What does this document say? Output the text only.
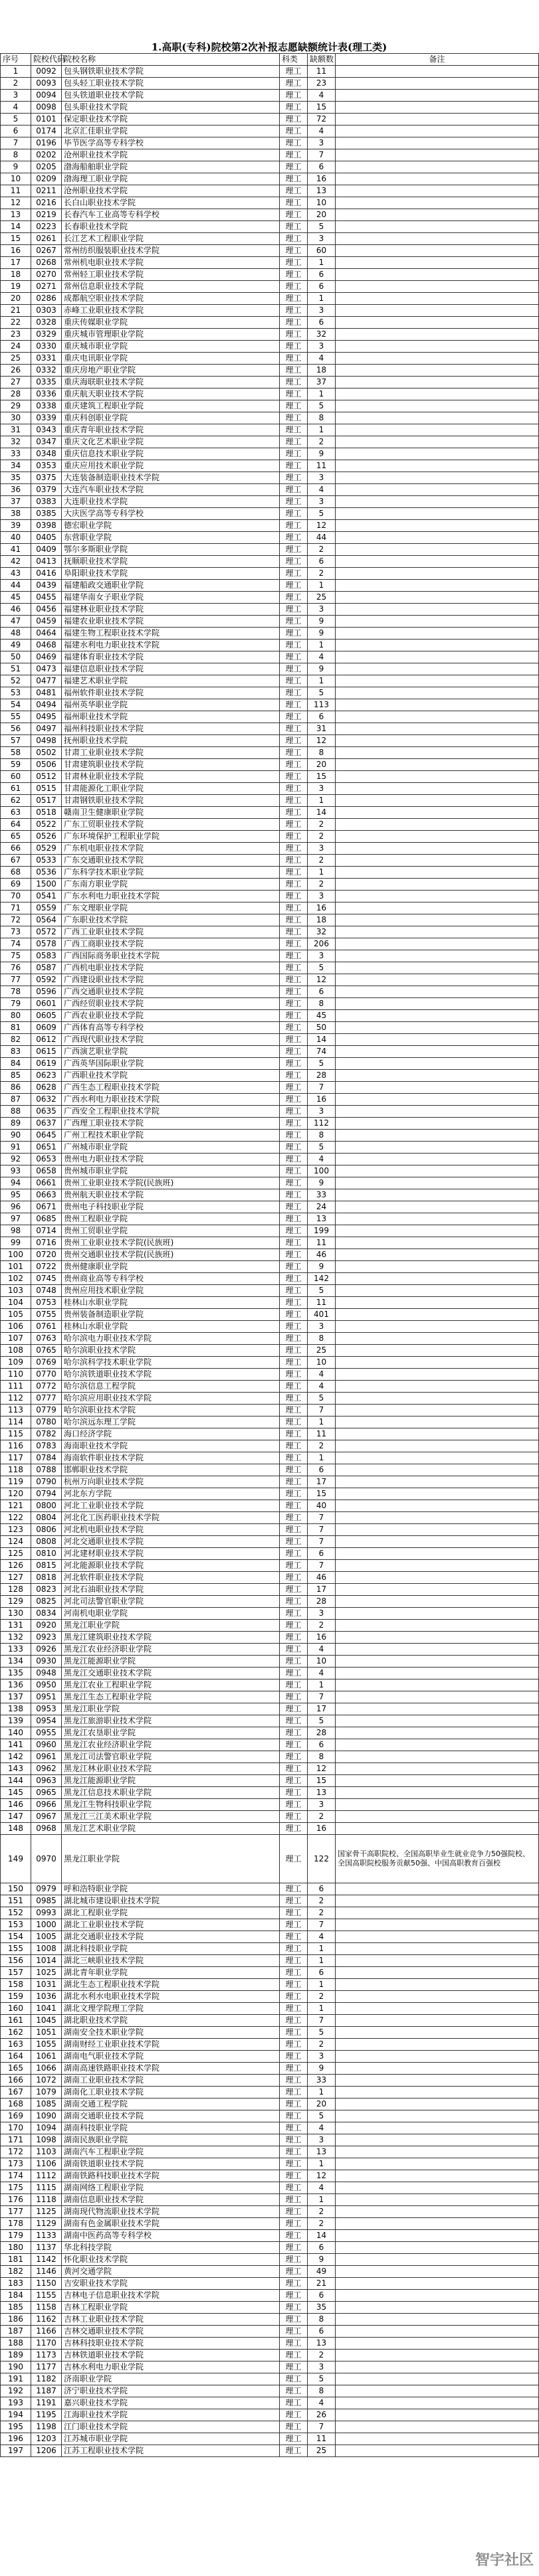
1.高职(专科)院校第2次补报志愿缺额统计表(理工类)
序号	院校代码	院校名称	科类	缺额数	备注
1	0092	包头钢铁职业技术学院	理工	11	
2	0093	包头轻工职业技术学院	理工	23	
3	0094	包头铁道职业技术学院	理工	4	
4	0098	包头职业技术学院	理工	15	
5	0101	保定职业技术学院	理工	72	
6	0174	北京汇佳职业学院	理工	4	
7	0196	毕节医学高等专科学校	理工	3	
8	0202	沧州职业技术学院	理工	7	
9	0205	渤海船舶职业学院	理工	6	
10	0209	渤海理工职业学院	理工	16	
11	0211	沧州职业技术学院	理工	13	
12	0216	长白山职业技术学院	理工	10	
13	0219	长春汽车工业高等专科学校	理工	20	
14	0223	长春职业技术学院	理工	5	
15	0261	长江艺术工程职业学院	理工	3	
16	0267	常州纺织服装职业技术学院	理工	60	
17	0268	常州机电职业技术学院	理工	1	
18	0270	常州轻工职业技术学院	理工	6	
19	0271	常州信息职业技术学院	理工	6	
20	0286	成都航空职业技术学院	理工	1	
21	0303	赤峰工业职业技术学院	理工	3	
22	0328	重庆传媒职业学院	理工	6	
23	0329	重庆城市管理职业学院	理工	32	
24	0330	重庆城市职业学院	理工	3	
25	0331	重庆电讯职业学院	理工	4	
26	0332	重庆房地产职业学院	理工	18	
27	0335	重庆海联职业技术学院	理工	37	
28	0336	重庆航天职业技术学院	理工	1	
29	0338	重庆建筑工程职业学院	理工	5	
30	0339	重庆科创职业学院	理工	8	
31	0343	重庆青年职业技术学院	理工	1	
32	0347	重庆文化艺术职业学院	理工	2	
33	0348	重庆信息技术职业学院	理工	9	
34	0353	重庆应用技术职业学院	理工	11	
35	0375	大连装备制造职业技术学院	理工	3	
36	0379	大连汽车职业技术学院	理工	4	
37	0383	大连职业技术学院	理工	3	
38	0385	大庆医学高等专科学校	理工	5	
39	0398	德宏职业学院	理工	12	
40	0405	东营职业学院	理工	44	
41	0409	鄂尔多斯职业学院	理工	2	
42	0413	抚顺职业技术学院	理工	6	
43	0416	阜阳职业技术学院	理工	2	
44	0439	福建船政交通职业学院	理工	1	
45	0455	福建华南女子职业学院	理工	25	
46	0456	福建林业职业技术学院	理工	3	
47	0459	福建农业职业技术学院	理工	9	
48	0464	福建生物工程职业技术学院	理工	9	
49	0468	福建水利电力职业技术学院	理工	1	
50	0469	福建体育职业技术学院	理工	4	
51	0473	福建信息职业技术学院	理工	9	
52	0477	福建艺术职业学院	理工	1	
53	0481	福州软件职业技术学院	理工	5	
54	0494	福州英华职业学院	理工	113	
55	0495	福州职业技术学院	理工	6	
56	0497	福州科技职业技术学院	理工	31	
57	0498	抚州职业技术学院	理工	12	
58	0502	甘肃工业职业技术学院	理工	8	
59	0506	甘肃建筑职业技术学院	理工	20	
60	0512	甘肃林业职业技术学院	理工	15	
61	0515	甘肃能源化工职业学院	理工	3	
62	0517	甘肃钢铁职业技术学院	理工	1	
63	0518	赣南卫生健康职业学院	理工	14	
64	0522	广东工贸职业技术学院	理工	2	
65	0526	广东环境保护工程职业学院	理工	2	
66	0529	广东机电职业技术学院	理工	3	
67	0533	广东交通职业技术学院	理工	2	
68	0536	广东科学技术职业学院	理工	1	
69	1500	广东南方职业学院	理工	2	
70	0541	广东水利电力职业技术学院	理工	3	
71	0559	广东文理职业学院	理工	16	
72	0564	广东职业技术学院	理工	18	
73	0572	广西工业职业技术学院	理工	32	
74	0578	广西工商职业技术学院	理工	206	
75	0583	广西国际商务职业技术学院	理工	3	
76	0587	广西机电职业技术学院	理工	5	
77	0592	广西建设职业技术学院	理工	12	
78	0596	广西交通职业技术学院	理工	6	
79	0601	广西经贸职业技术学院	理工	8	
80	0605	广西农业职业技术学院	理工	45	
81	0609	广西体育高等专科学校	理工	50	
82	0612	广西现代职业技术学院	理工	14	
83	0615	广西演艺职业学院	理工	74	
84	0619	广西英华国际职业学院	理工	5	
85	0623	广西职业技术学院	理工	28	
86	0628	广西生态工程职业技术学院	理工	7	
87	0632	广西水利电力职业技术学院	理工	16	
88	0635	广西安全工程职业技术学院	理工	3	
89	0637	广西理工职业技术学院	理工	112	
90	0645	广州工程技术职业学院	理工	8	
91	0651	广州城市职业学院	理工	5	
92	0653	贵州电力职业技术学院	理工	4	
93	0658	贵州城市职业学院	理工	100	
94	0661	贵州工业职业技术学院(民族班)	理工	9	
95	0663	贵州航天职业技术学院	理工	33	
96	0671	贵州电子科技职业学院	理工	24	
97	0685	贵州工程职业学院	理工	13	
98	0714	贵州工贸职业学院	理工	199	
99	0716	贵州工业职业技术学院(民族班)	理工	11	
100	0720	贵州交通职业技术学院(民族班)	理工	46	
101	0722	贵州健康职业学院	理工	9	
102	0745	贵州商业高等专科学校	理工	142	
103	0748	贵州应用技术职业学院	理工	5	
104	0753	桂林山水职业学院	理工	11	
105	0755	贵州装备制造职业学院	理工	401	
106	0761	桂林山水职业学院	理工	3	
107	0763	哈尔滨电力职业技术学院	理工	8	
108	0765	哈尔滨职业技术学院	理工	25	
109	0769	哈尔滨科学技术职业学院	理工	10	
110	0770	哈尔滨铁道职业技术学院	理工	4	
111	0772	哈尔滨信息工程学院	理工	4	
112	0777	哈尔滨应用职业技术学院	理工	5	
113	0779	哈尔滨职业技术学院	理工	7	
114	0780	哈尔滨远东理工学院	理工	1	
115	0782	海口经济学院	理工	11	
116	0783	海南职业技术学院	理工	2	
117	0784	海南软件职业技术学院	理工	1	
118	0788	邯郸职业技术学院	理工	6	
119	0790	杭州万向职业技术学院	理工	17	
120	0794	河北东方学院	理工	15	
121	0800	河北工业职业技术学院	理工	40	
122	0804	河北化工医药职业技术学院	理工	7	
123	0806	河北机电职业技术学院	理工	7	
124	0808	河北交通职业技术学院	理工	7	
125	0810	河北建材职业技术学院	理工	6	
126	0815	河北能源职业技术学院	理工	7	
127	0818	河北软件职业技术学院	理工	46	
128	0823	河北石油职业技术学院	理工	17	
129	0825	河北司法警官职业学院	理工	28	
130	0834	河南机电职业学院	理工	3	
131	0920	黑龙江职业学院	理工	2	
132	0923	黑龙江建筑职业技术学院	理工	16	
133	0926	黑龙江农业经济职业学院	理工	4	
134	0930	黑龙江能源职业学院	理工	10	
135	0948	黑龙江交通职业技术学院	理工	4	
136	0950	黑龙江农业工程职业学院	理工	1	
137	0951	黑龙江生态工程职业学院	理工	7	
138	0953	黑龙江职业学院	理工	17	
139	0954	黑龙江旅游职业技术学院	理工	5	
140	0955	黑龙江农垦职业学院	理工	28	
141	0960	黑龙江农业经济职业学院	理工	6	
142	0961	黑龙江司法警官职业学院	理工	8	
143	0962	黑龙江林业职业技术学院	理工	12	
144	0963	黑龙江能源职业学院	理工	15	
145	0965	黑龙江信息技术职业学院	理工	13	
146	0966	黑龙江生物科技职业学院	理工	3	
147	0967	黑龙江三江美术职业学院	理工	2	
148	0968	黑龙江艺术职业学院	理工	16	
149	0970	黑龙江职业学院	理工	122	国家骨干高职院校、全国高职毕业生就业竞争力50强院校、全国高职院校服务贡献50强、中国高职教育百强校
150	0979	呼和浩特职业学院	理工	6	
151	0985	湖北城市建设职业技术学院	理工	2	
152	0993	湖北工程职业学院	理工	2	
153	1000	湖北工业职业技术学院	理工	7	
154	1005	湖北交通职业技术学院	理工	4	
155	1008	湖北科技职业学院	理工	1	
156	1014	湖北三峡职业技术学院	理工	1	
157	1025	湖北青年职业学院	理工	6	
158	1031	湖北生态工程职业技术学院	理工	1	
159	1036	湖北水利水电职业技术学院	理工	2	
160	1041	湖北文理学院理工学院	理工	1	
161	1045	湖北职业技术学院	理工	7	
162	1051	湖南安全技术职业学院	理工	5	
163	1055	湖南财经工业职业技术学院	理工	2	
164	1061	湖南电气职业技术学院	理工	3	
165	1066	湖南高速铁路职业技术学院	理工	9	
166	1072	湖南工业职业技术学院	理工	33	
167	1079	湖南化工职业技术学院	理工	1	
168	1085	湖南交通工程学院	理工	20	
169	1090	湖南交通职业技术学院	理工	5	
170	1094	湖南科技职业学院	理工	4	
171	1098	湖南民族职业学院	理工	3	
172	1103	湖南汽车工程职业学院	理工	13	
173	1106	湖南铁道职业技术学院	理工	1	
174	1112	湖南铁路科技职业技术学院	理工	12	
175	1115	湖南网络工程职业学院	理工	4	
176	1118	湖南信息职业技术学院	理工	1	
177	1125	湖南现代物流职业技术学院	理工	2	
178	1129	湖南有色金属职业技术学院	理工	2	
179	1133	湖南中医药高等专科学校	理工	14	
180	1137	华北科技学院	理工	6	
181	1142	怀化职业技术学院	理工	9	
182	1146	黄河交通学院	理工	49	
183	1150	吉安职业技术学院	理工	21	
184	1155	吉林电子信息职业技术学院	理工	6	
185	1158	吉林工程职业学院	理工	35	
186	1162	吉林工业职业技术学院	理工	8	
187	1166	吉林交通职业技术学院	理工	6	
188	1170	吉林科技职业技术学院	理工	13	
189	1173	吉林铁道职业技术学院	理工	2	
190	1177	吉林水利电力职业学院	理工	3	
191	1182	济南职业学院	理工	5	
192	1187	济宁职业技术学院	理工	8	
193	1191	嘉兴职业技术学院	理工	4	
194	1195	江海职业技术学院	理工	26	
195	1198	江门职业技术学院	理工	7	
196	1203	江苏城市职业学院	理工	11	
197	1206	江苏工程职业技术学院	理工	25	
智宇社区
